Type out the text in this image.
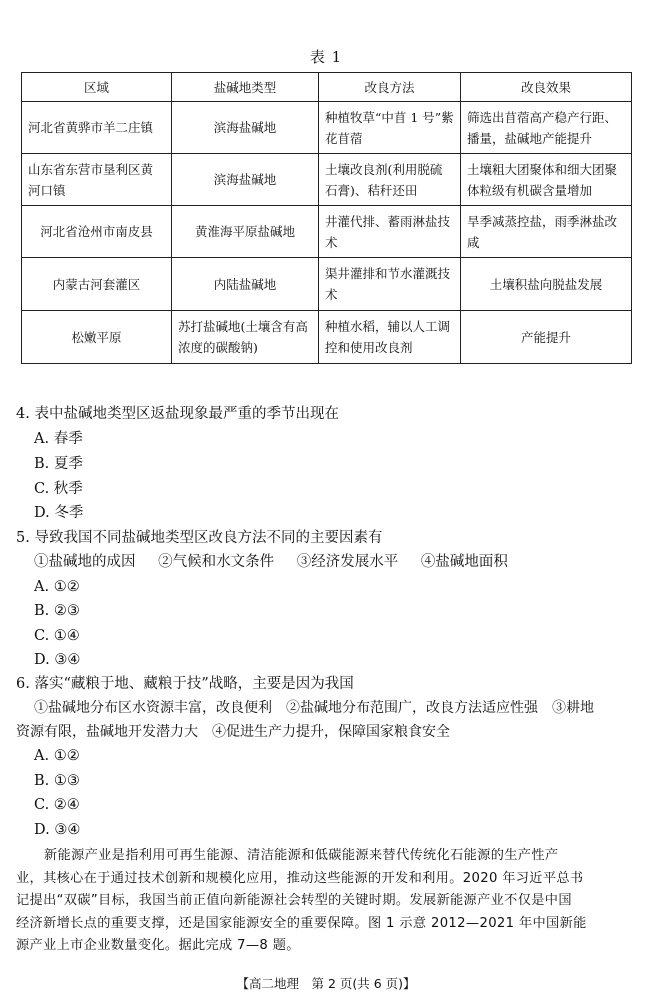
表 1
区域	盐碱地类型	改良方法	改良效果
河北省黄骅市羊二庄镇	滨海盐碱地	种植牧草“中苜 1 号”紫花苜蓿	筛选出苜蓿高产稳产行距、播量，盐碱地产能提升
山东省东营市垦利区黄河口镇	滨海盐碱地	土壤改良剂(利用脱硫石膏)、秸秆还田	土壤粗大团聚体和细大团聚体粒级有机碳含量增加
河北省沧州市南皮县	黄淮海平原盐碱地	井灌代排、蓄雨淋盐技术	旱季减蒸控盐，雨季淋盐改咸
内蒙古河套灌区	内陆盐碱地	渠井灌排和节水灌溉技术	土壤积盐向脱盐发展
松嫩平原	苏打盐碱地(土壤含有高浓度的碳酸钠)	种植水稻，辅以人工调控和使用改良剂	产能提升
4. 表中盐碱地类型区返盐现象最严重的季节出现在
A. 春季
B. 夏季
C. 秋季
D. 冬季
5. 导致我国不同盐碱地类型区改良方法不同的主要因素有
①盐碱地的成因 ②气候和水文条件 ③经济发展水平 ④盐碱地面积
A. ①②
B. ②③
C. ①④
D. ③④
6. 落实“藏粮于地、藏粮于技”战略，主要是因为我国
①盐碱地分布区水资源丰富，改良便利　②盐碱地分布范围广，改良方法适应性强　③耕地
资源有限，盐碱地开发潜力大　④促进生产力提升，保障国家粮食安全
A. ①②
B. ①③
C. ②④
D. ③④
新能源产业是指利用可再生能源、清洁能源和低碳能源来替代传统化石能源的生产性产
业，其核心在于通过技术创新和规模化应用，推动这些能源的开发和利用。2020 年习近平总书
记提出“双碳”目标，我国当前正值向新能源社会转型的关键时期。发展新能源产业不仅是中国
经济新增长点的重要支撑，还是国家能源安全的重要保障。图 1 示意 2012—2021 年中国新能
源产业上市企业数量变化。据此完成 7—8 题。
【高二地理　第 2 页(共 6 页)】
